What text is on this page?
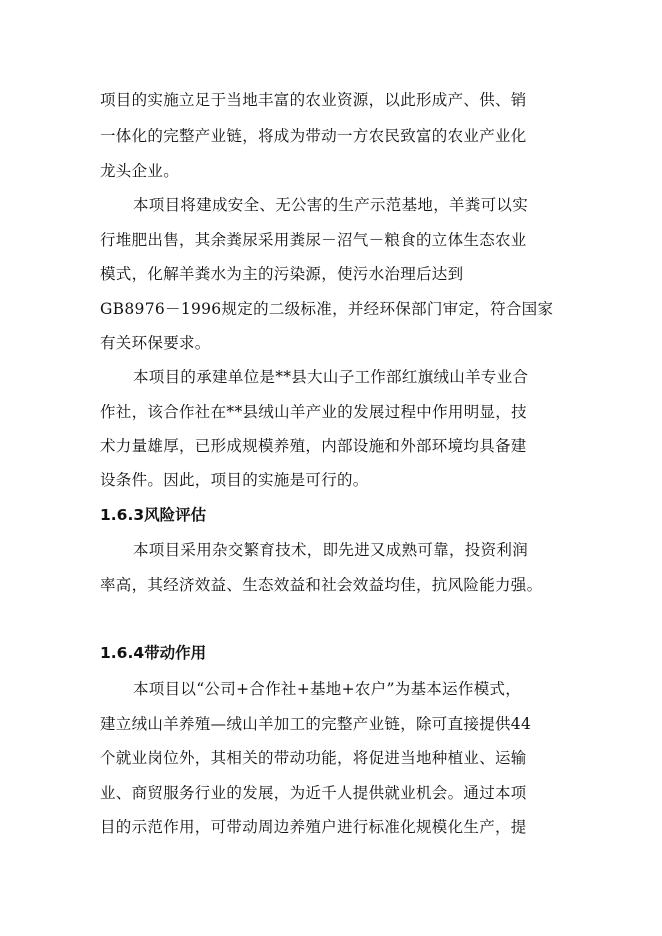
项目的实施立足于当地丰富的农业资源，以此形成产、供、销
一体化的完整产业链，将成为带动一方农民致富的农业产业化
龙头企业。
本项目将建成安全、无公害的生产示范基地，羊粪可以实
行堆肥出售，其余粪尿采用粪尿－沼气－粮食的立体生态农业
模式，化解羊粪水为主的污染源，使污水治理后达到
GB8976－1996规定的二级标准，并经环保部门审定，符合国家
有关环保要求。
本项目的承建单位是**县大山子工作部红旗绒山羊专业合
作社，该合作社在**县绒山羊产业的发展过程中作用明显，技
术力量雄厚，已形成规模养殖，内部设施和外部环境均具备建
设条件。因此，项目的实施是可行的。
1.6.3风险评估
本项目采用杂交繁育技术，即先进又成熟可靠，投资利润
率高，其经济效益、生态效益和社会效益均佳，抗风险能力强。
1.6.4带动作用
本项目以“公司+合作社+基地+农户”为基本运作模式，
建立绒山羊养殖—绒山羊加工的完整产业链，除可直接提供44
个就业岗位外，其相关的带动功能，将促进当地种植业、运输
业、商贸服务行业的发展，为近千人提供就业机会。通过本项
目的示范作用，可带动周边养殖户进行标准化规模化生产，提
